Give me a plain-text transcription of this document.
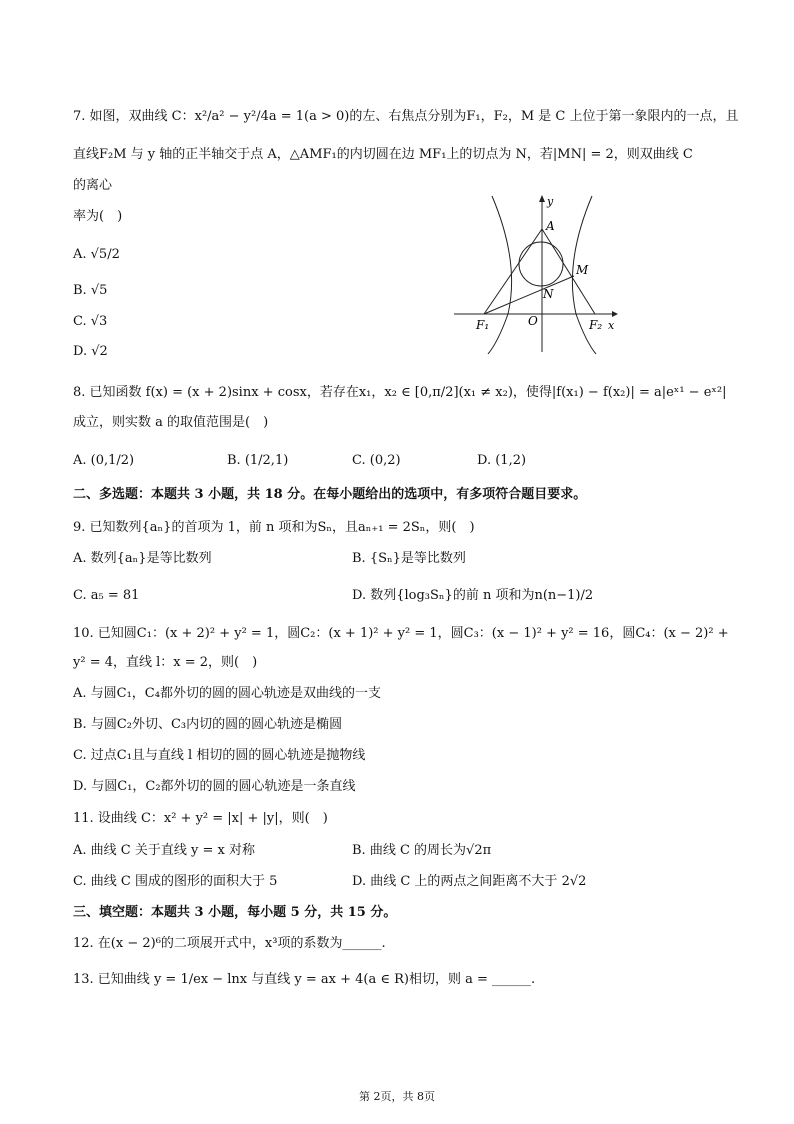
7. 如图，双曲线 C：x²/a² − y²/4a = 1(a > 0)的左、右焦点分别为F₁，F₂，M 是 C 上位于第一象限内的一点，且
直线F₂M 与 y 轴的正半轴交于点 A，△AMF₁的内切圆在边 MF₁上的切点为 N，若|MN| = 2，则双曲线 C
的离心
率为(　)
A. √5/2
B. √5
C. √3
D. √2
y
A
M
N
O
F₁	F₂ x
8. 已知函数 f(x) = (x + 2)sinx + cosx，若存在x₁，x₂ ∈ [0,π/2](x₁ ≠ x₂)，使得|f(x₁) − f(x₂)| = a|eˣ¹ − eˣ²|
成立，则实数 a 的取值范围是(　)
A. (0,1/2)	B. (1/2,1)	C. (0,2)	D. (1,2)
二、多选题：本题共 3 小题，共 18 分。在每小题给出的选项中，有多项符合题目要求。
9. 已知数列{aₙ}的首项为 1，前 n 项和为Sₙ，且aₙ₊₁ = 2Sₙ，则(　)
A. 数列{aₙ}是等比数列	B. {Sₙ}是等比数列
C. a₅ = 81	D. 数列{log₃Sₙ}的前 n 项和为n(n−1)/2
10. 已知圆C₁：(x + 2)² + y² = 1，圆C₂：(x + 1)² + y² = 1，圆C₃：(x − 1)² + y² = 16，圆C₄：(x − 2)² +
y² = 4，直线 l：x = 2，则(　)
A. 与圆C₁，C₄都外切的圆的圆心轨迹是双曲线的一支
B. 与圆C₂外切、C₃内切的圆的圆心轨迹是椭圆
C. 过点C₁且与直线 l 相切的圆的圆心轨迹是抛物线
D. 与圆C₁，C₂都外切的圆的圆心轨迹是一条直线
11. 设曲线 C：x² + y² = |x| + |y|，则(　)
A. 曲线 C 关于直线 y = x 对称	B. 曲线 C 的周长为√2π
C. 曲线 C 围成的图形的面积大于 5	D. 曲线 C 上的两点之间距离不大于 2√2
三、填空题：本题共 3 小题，每小题 5 分，共 15 分。
12. 在(x − 2)⁶的二项展开式中，x³项的系数为______.
13. 已知曲线 y = 1/ex − lnx 与直线 y = ax + 4(a ∈ R)相切，则 a = ______.
第 2页，共 8页
